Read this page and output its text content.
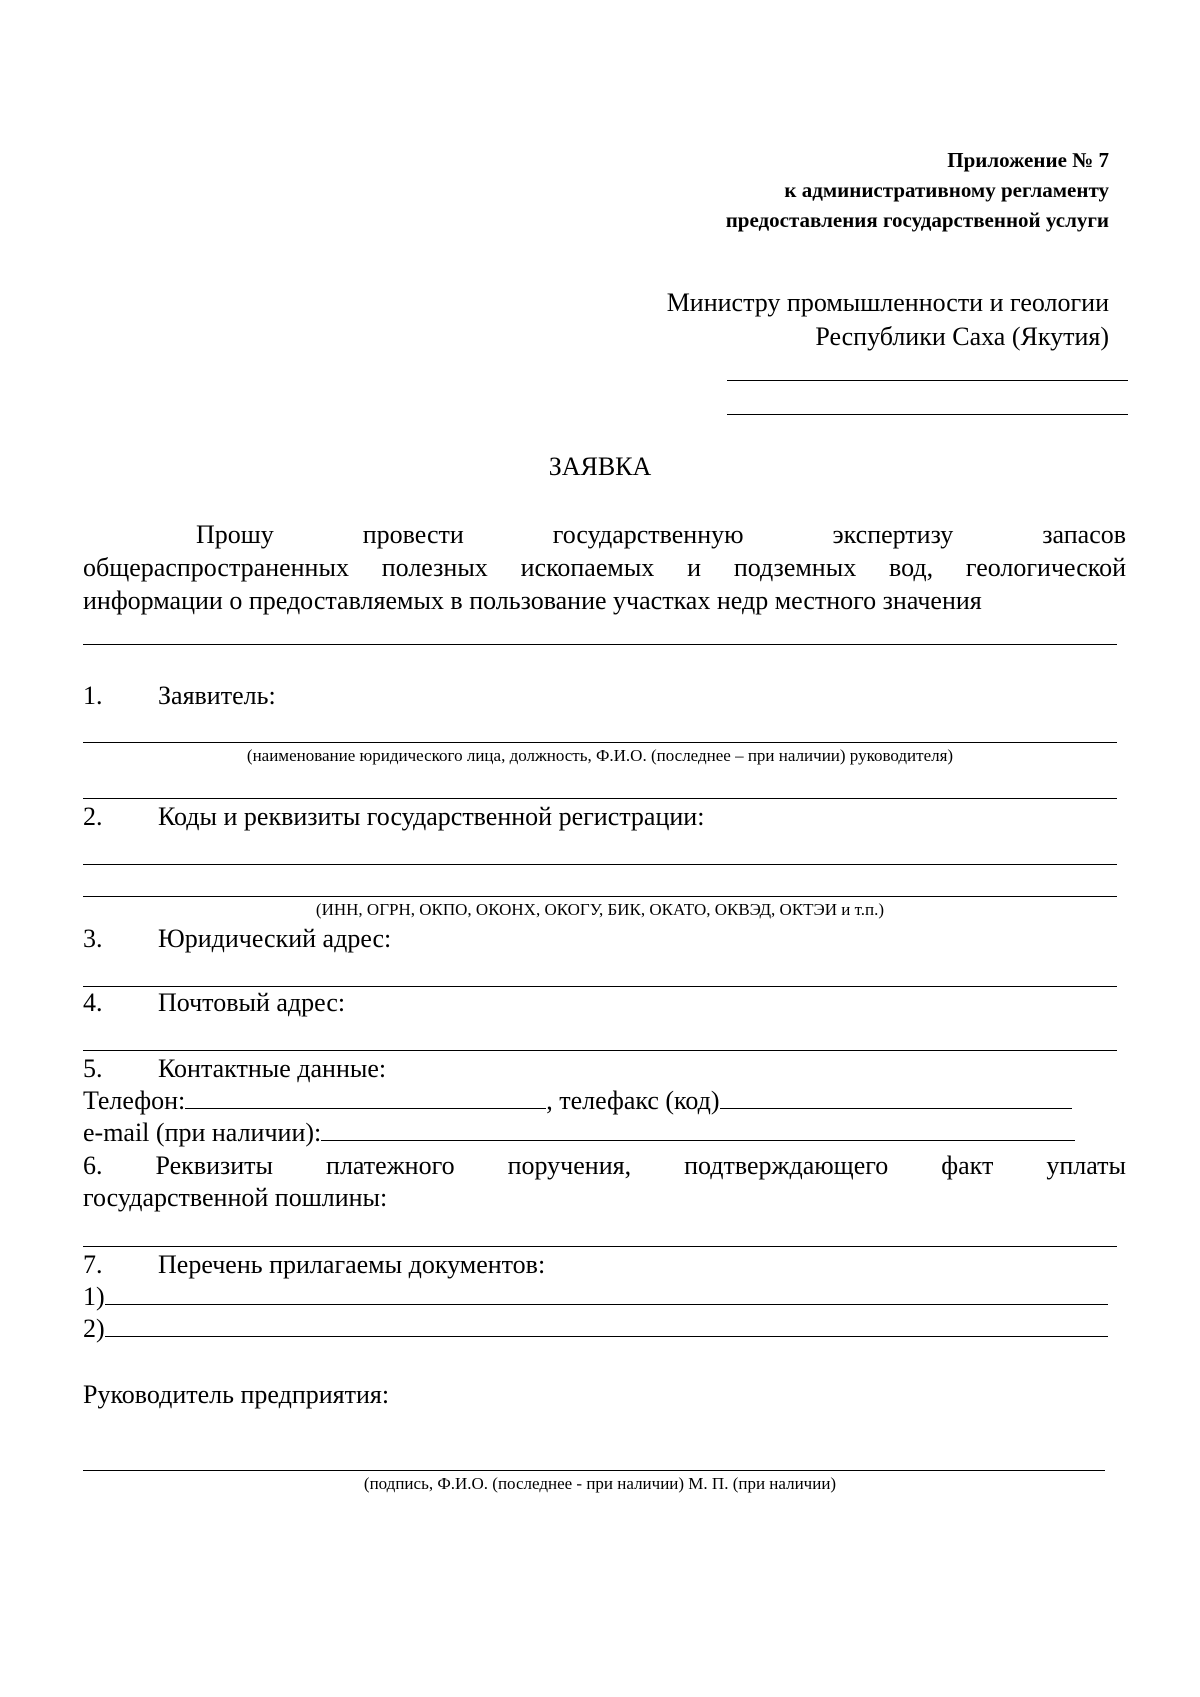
Приложение № 7
к административному регламенту
предоставления государственной услуги
Министру промышленности и геологии
Республики Саха (Якутия)
ЗАЯВКА
Прошу	провести	государственную	экспертизу	запасов
общераспространенных полезных ископаемых и подземных вод, геологической
информации о предоставляемых в пользование участках недр местного значения
1. Заявитель:
(наименование юридического лица, должность, Ф.И.О. (последнее – при наличии) руководителя)
2. Коды и реквизиты государственной регистрации:
(ИНН, ОГРН, ОКПО, ОКОНХ, ОКОГУ, БИК, ОКАТО, ОКВЭД, ОКТЭИ и т.п.)
3. Юридический адрес:
4. Почтовый адрес:
5. Контактные данные:
Телефон:	, телефакс (код)
e-mail (при наличии):
6. Реквизиты платежного поручения, подтверждающего факт уплаты
государственной пошлины:
7. Перечень прилагаемы документов:
1)
2)
Руководитель предприятия:
(подпись, Ф.И.О. (последнее - при наличии) М. П. (при наличии)
